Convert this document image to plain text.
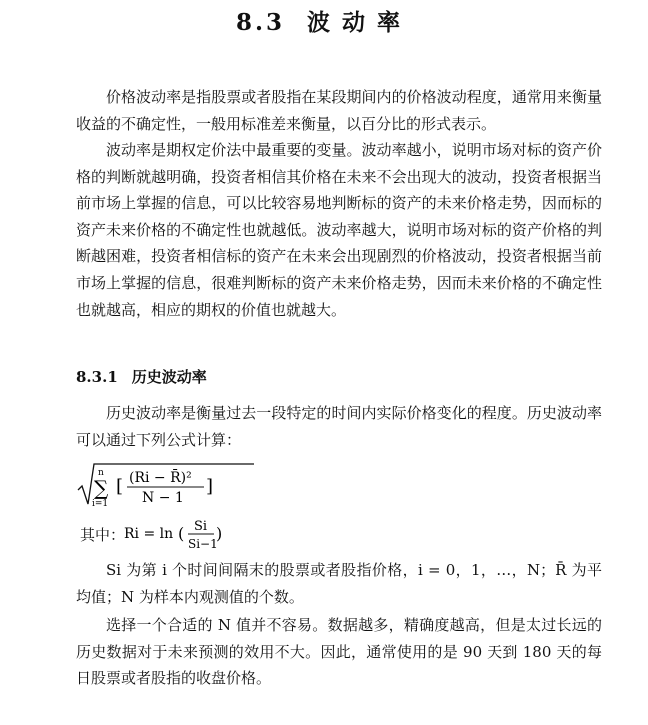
8.3 波动率

价格波动率是指股票或者股指在某段期间内的价格波动程度，通常用来衡量收益的不确定性，一般用标准差来衡量，以百分比的形式表示。

波动率是期权定价法中最重要的变量。波动率越小，说明市场对标的资产价格的判断就越明确，投资者相信其价格在未来不会出现大的波动，投资者根据当前市场上掌握的信息，可以比较容易地判断标的资产的未来价格走势，因而标的资产未来价格的不确定性也就越低。波动率越大，说明市场对标的资产价格的判断越困难，投资者相信标的资产在未来会出现剧烈的价格波动，投资者根据当前市场上掌握的信息，很难判断标的资产未来价格走势，因而未来价格的不确定性也就越高，相应的期权的价值也就越大。

8.3.1 历史波动率

历史波动率是衡量过去一段特定的时间内实际价格变化的程度。历史波动率可以通过下列公式计算：

n
∑
i=1
[ (Ri − R̄)²
N − 1
]
其中：
Ri = ln ( Si
Si−1
)

Si 为第 i 个时间间隔末的股票或者股指价格，i = 0，1，…，N；R̄ 为平均值；N 为样本内观测值的个数。

选择一个合适的 N 值并不容易。数据越多，精确度越高，但是太过长远的历史数据对于未来预测的效用不大。因此，通常使用的是 90 天到 180 天的每日股票或者股指的收盘价格。
